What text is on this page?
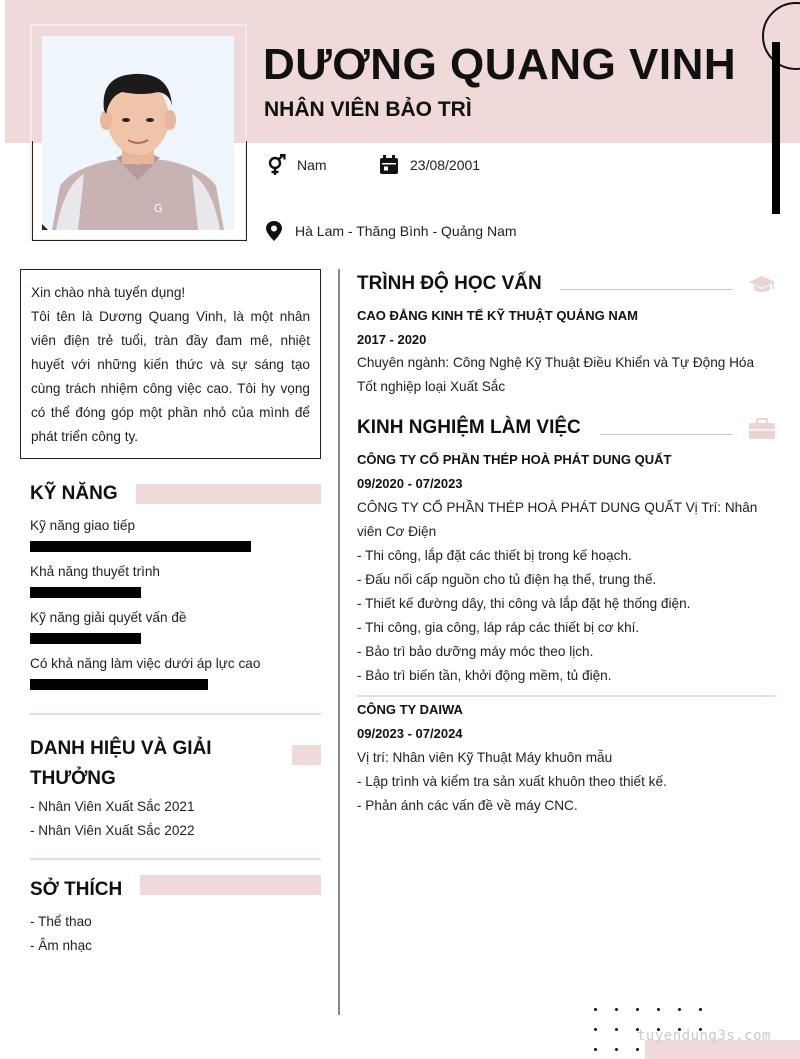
G
DƯƠNG QUANG VINH
NHÂN VIÊN BẢO TRÌ
Nam	23/08/2001
Hà Lam - Thăng Bình - Quảng Nam

Xin chào nhà tuyển dụng!

Tôi tên là Dương Quang Vinh, là một nhân viên điện trẻ tuổi, tràn đầy đam mê, nhiệt huyết với những kiến thức và sự sáng tạo cùng trách nhiệm công việc cao. Tôi hy vọng có thể đóng góp một phần nhỏ của mình để phát triển công ty.

KỸ NĂNG
Kỹ năng giao tiếp
Khả năng thuyết trình
Kỹ năng giải quyết vấn đề
Có khả năng làm việc dưới áp lực cao
DANH HIỆU VÀ GIẢI
THƯỞNG
- Nhân Viên Xuất Sắc 2021
- Nhân Viên Xuất Sắc 2022
SỞ THÍCH
- Thể thao
- Âm nhạc
TRÌNH ĐỘ HỌC VẤN
CAO ĐẲNG KINH TẾ KỸ THUẬT QUẢNG NAM
2017 - 2020
Chuyên ngành: Công Nghệ Kỹ Thuật Điều Khiển và Tự Động Hóa
Tốt nghiệp loại Xuất Sắc
KINH NGHIỆM LÀM VIỆC
CÔNG TY CỔ PHẦN THÉP HOÀ PHÁT DUNG QUẤT
09/2020 - 07/2023
CÔNG TY CỔ PHẦN THÉP HOÀ PHÁT DUNG QUẤT Vị Trí: Nhân viên Cơ Điện
- Thi công, lắp đặt các thiết bị trong kế hoạch.
- Đấu nối cấp nguồn cho tủ điện hạ thế, trung thế.
- Thiết kế đường dây, thi công và lắp đặt hệ thống điện.
- Thi công, gia công, láp ráp các thiết bị cơ khí.
- Bảo trì bảo dưỡng máy móc theo lịch.
- Bảo trì biến tần, khởi động mềm, tủ điện.
CÔNG TY DAIWA
09/2023 - 07/2024
Vị trí: Nhân viên Kỹ Thuật Máy khuôn mẫu
- Lập trình và kiểm tra sản xuất khuôn theo thiết kế.
- Phản ánh các vấn đề về máy CNC.
tuyendung3s.com
